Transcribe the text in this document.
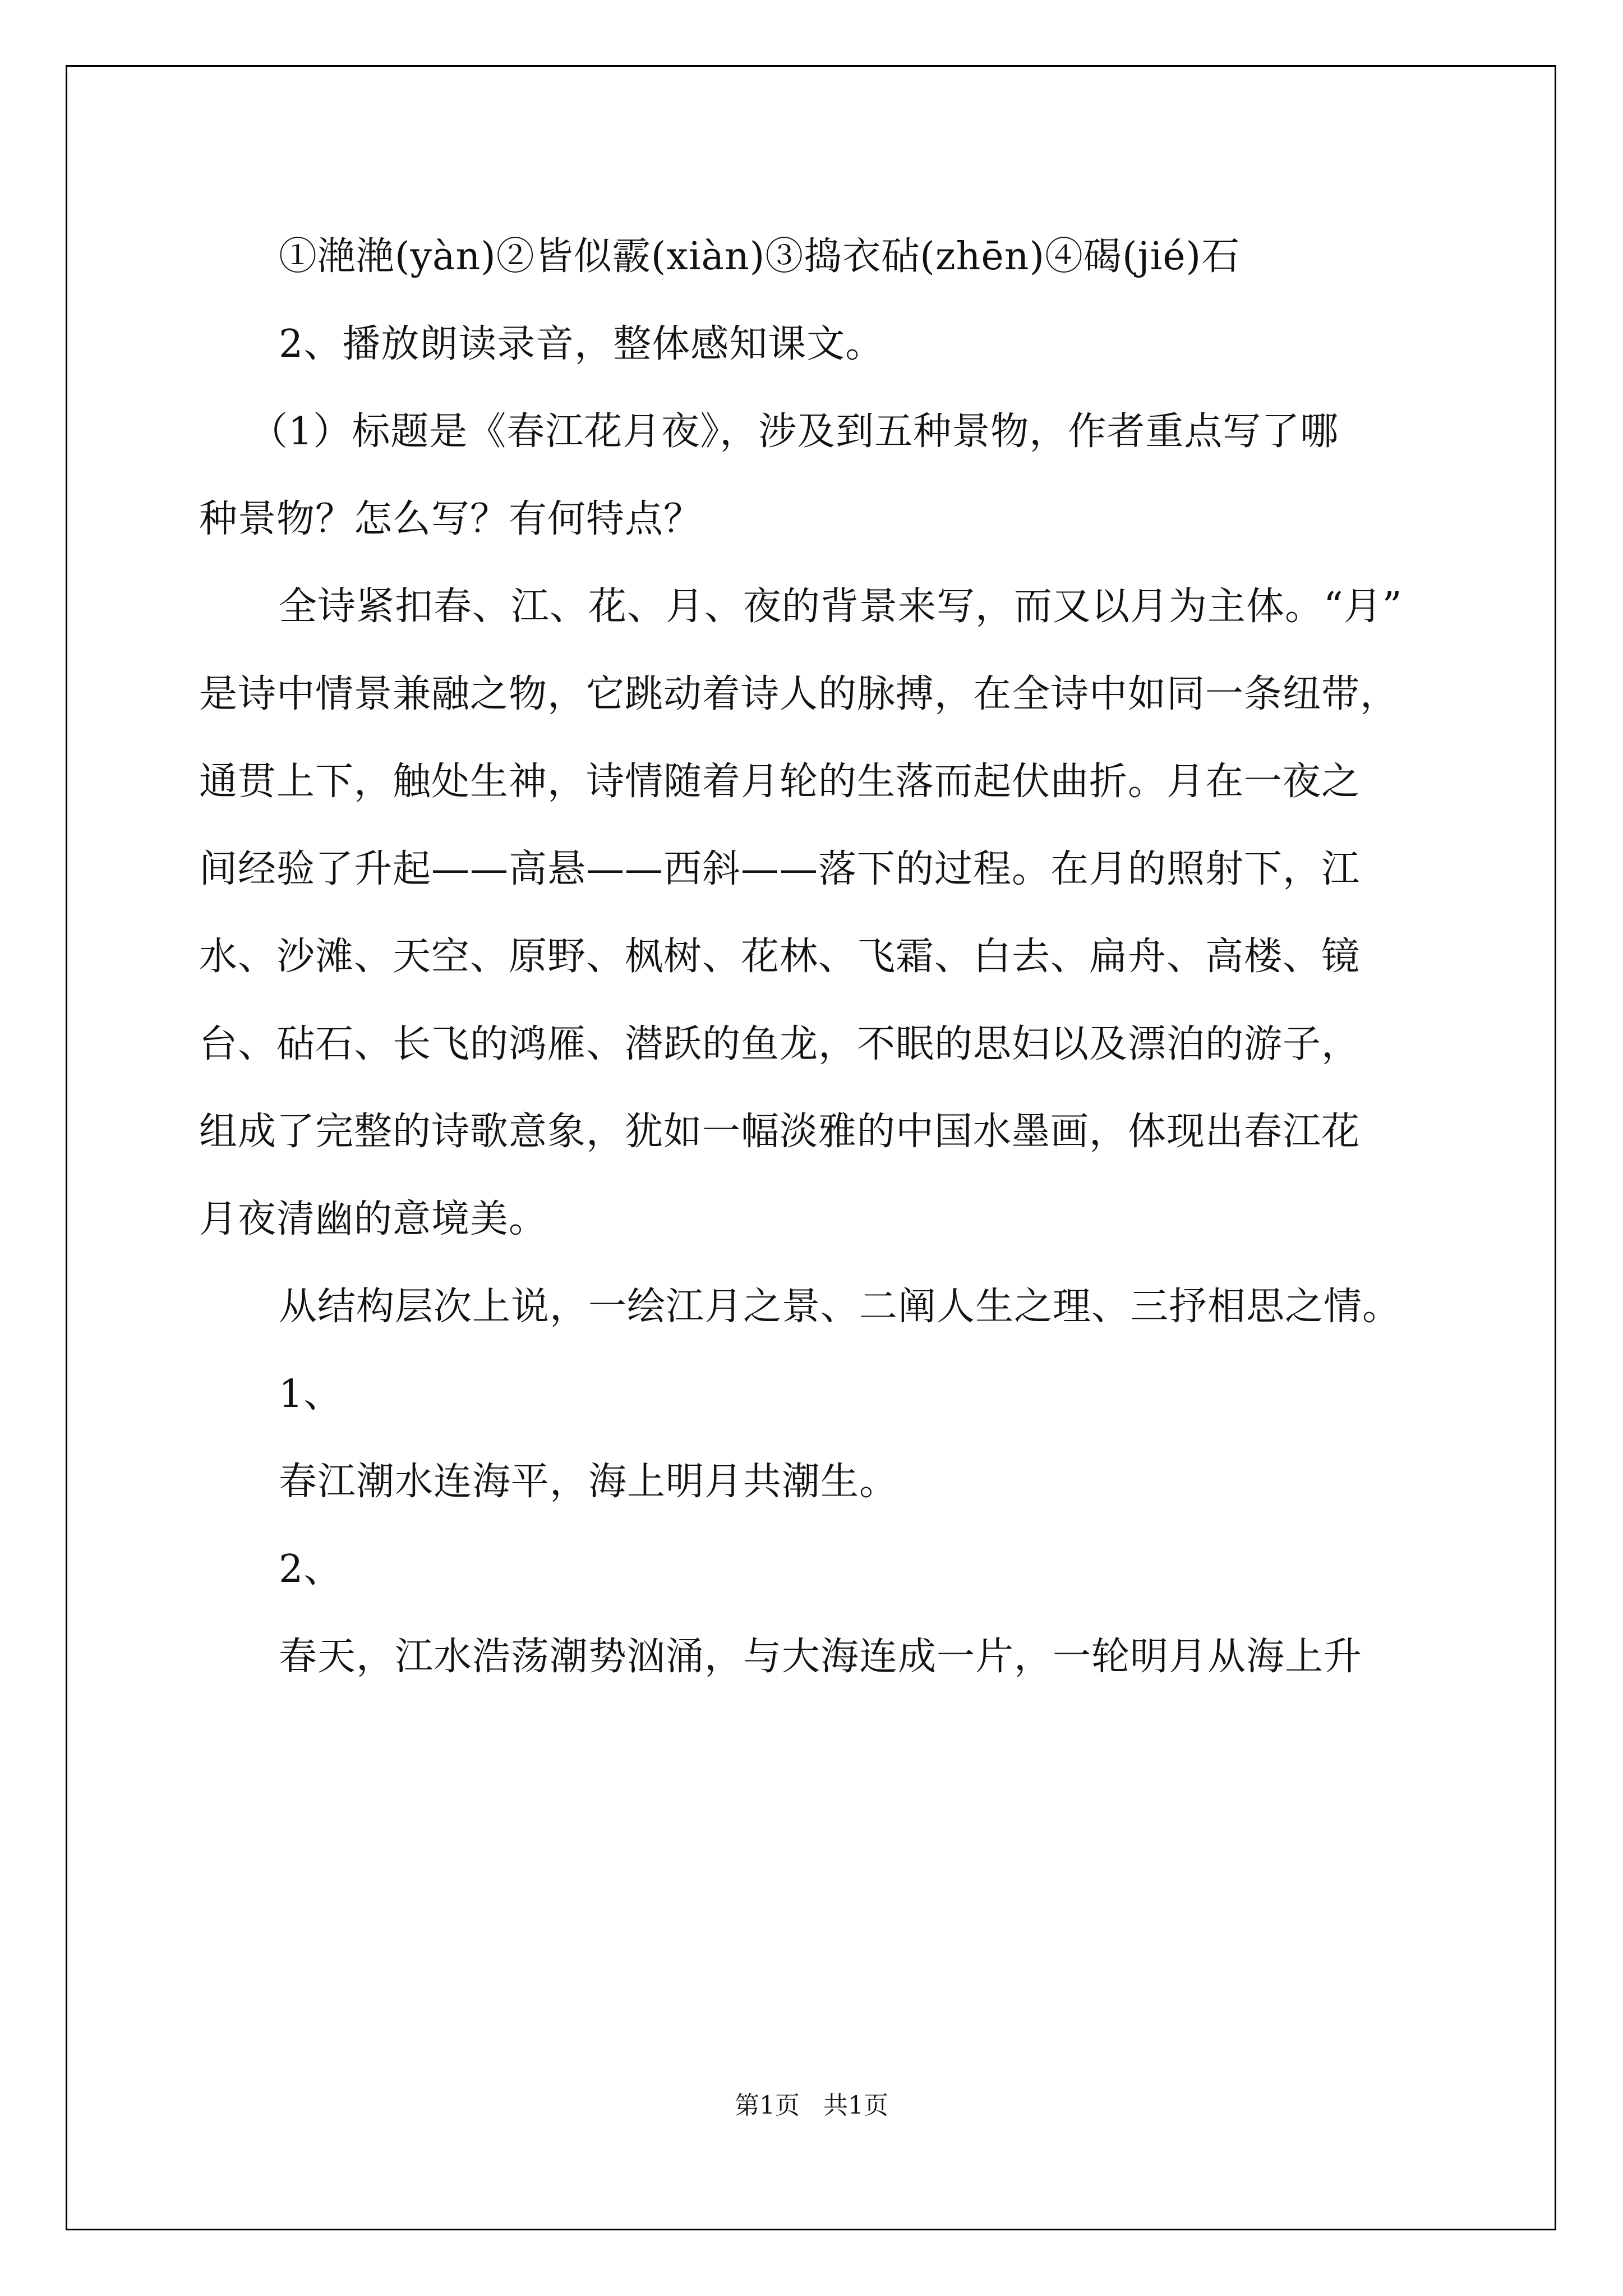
①滟滟(yàn)②皆似霰(xiàn)③捣衣砧(zhēn)④碣(jié)石
2、播放朗读录音，整体感知课文。
（1）标题是《春江花月夜》，涉及到五种景物，作者重点写了哪
种景物？怎么写？有何特点？
全诗紧扣春、江、花、月、夜的背景来写，而又以月为主体。“月”
是诗中情景兼融之物，它跳动着诗人的脉搏，在全诗中如同一条纽带，
通贯上下，触处生神，诗情随着月轮的生落而起伏曲折。月在一夜之
间经验了升起——高悬——西斜——落下的过程。在月的照射下，江
水、沙滩、天空、原野、枫树、花林、飞霜、白去、扁舟、高楼、镜
台、砧石、长飞的鸿雁、潜跃的鱼龙，不眠的思妇以及漂泊的游子，
组成了完整的诗歌意象，犹如一幅淡雅的中国水墨画，体现出春江花
月夜清幽的意境美。
从结构层次上说，一绘江月之景、二阐人生之理、三抒相思之情。
1、
春江潮水连海平，海上明月共潮生。
2、
春天，江水浩荡潮势汹涌，与大海连成一片，一轮明月从海上升
第1页 共1页
